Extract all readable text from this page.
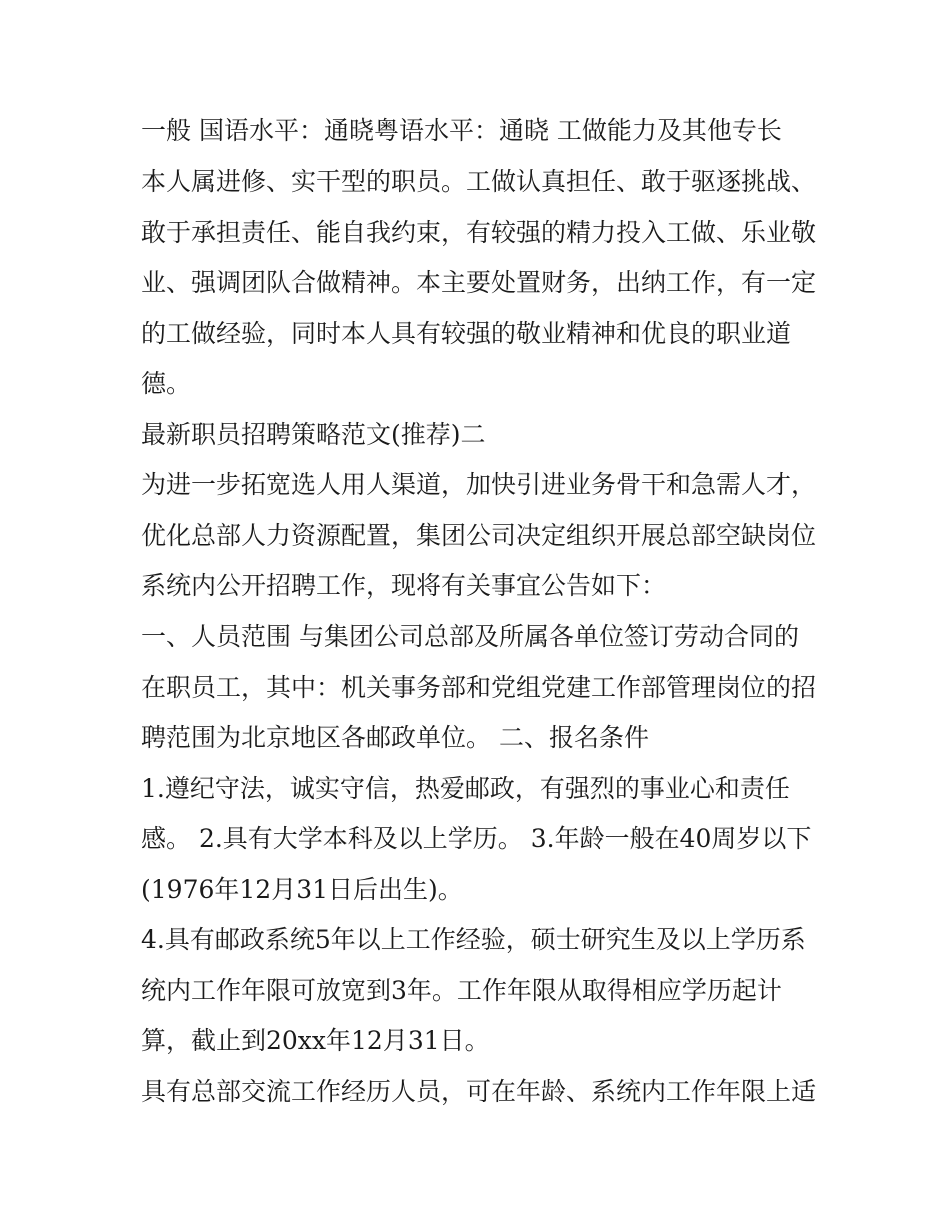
一般 国语水平：通晓粤语水平：通晓 工做能力及其他专长

本人属进修、实干型的职员。工做认真担任、敢于驱逐挑战、

敢于承担责任、能自我约束，有较强的精力投入工做、乐业敬

业、强调团队合做精神。本主要处置财务，出纳工作，有一定

的工做经验，同时本人具有较强的敬业精神和优良的职业道

德。

最新职员招聘策略范文(推荐)二

为进一步拓宽选人用人渠道，加快引进业务骨干和急需人才，

优化总部人力资源配置，集团公司决定组织开展总部空缺岗位

系统内公开招聘工作，现将有关事宜公告如下：

一、人员范围 与集团公司总部及所属各单位签订劳动合同的

在职员工，其中：机关事务部和党组党建工作部管理岗位的招

聘范围为北京地区各邮政单位。 二、报名条件

1.遵纪守法，诚实守信，热爱邮政，有强烈的事业心和责任

感。 2.具有大学本科及以上学历。 3.年龄一般在40周岁以下

(1976年12月31日后出生)。

4.具有邮政系统5年以上工作经验，硕士研究生及以上学历系

统内工作年限可放宽到3年。工作年限从取得相应学历起计

算，截止到20xx年12月31日。

具有总部交流工作经历人员，可在年龄、系统内工作年限上适
